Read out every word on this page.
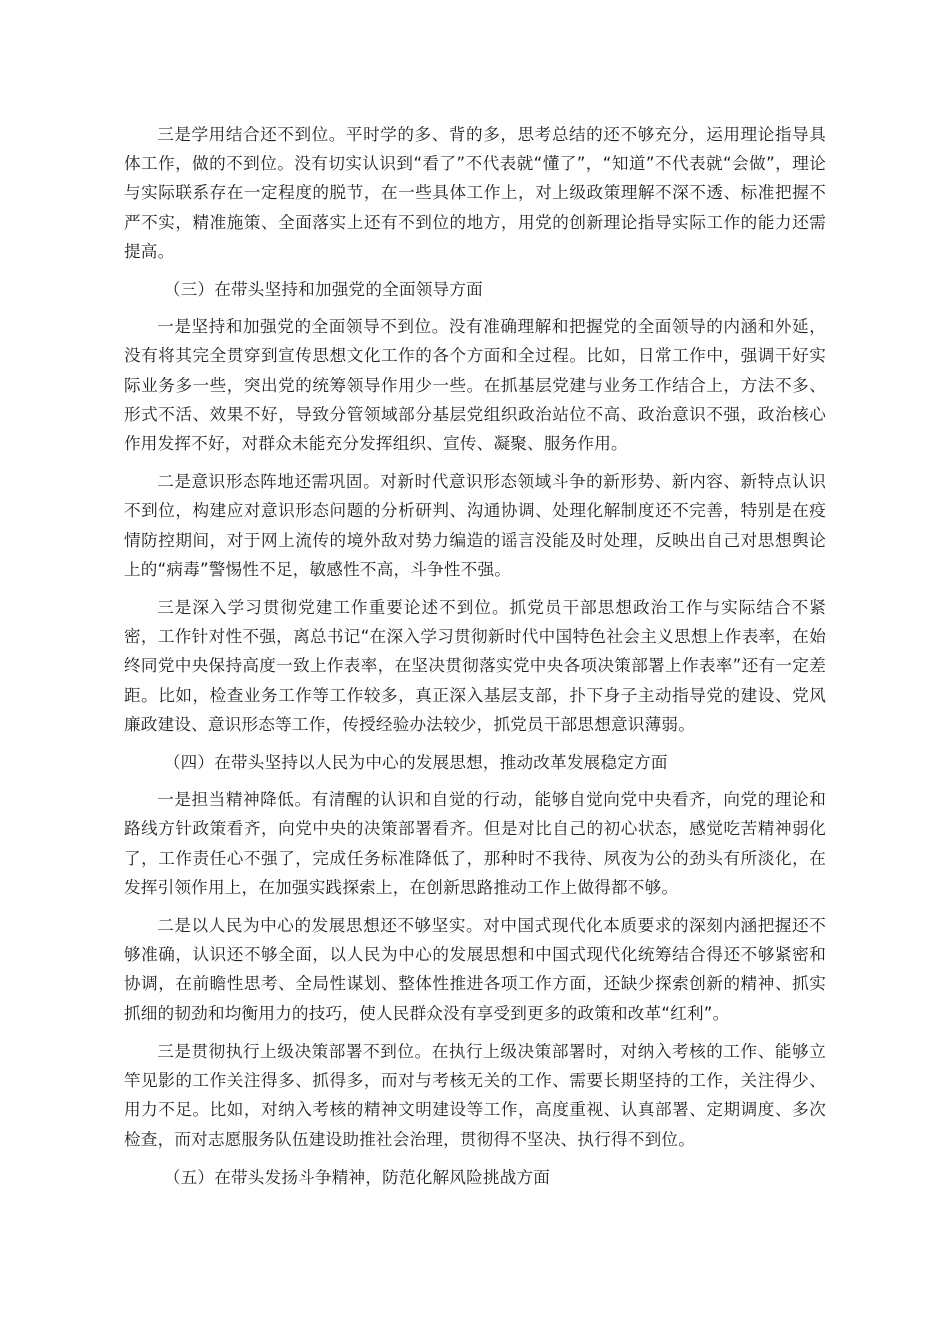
三是学用结合还不到位。平时学的多、背的多，思考总结的还不够充分，运用理论指导具体工作，做的不到位。没有切实认识到“看了”不代表就“懂了”，“知道”不代表就“会做”，理论与实际联系存在一定程度的脱节，在一些具体工作上，对上级政策理解不深不透、标准把握不严不实，精准施策、全面落实上还有不到位的地方，用党的创新理论指导实际工作的能力还需提高。

（三）在带头坚持和加强党的全面领导方面

一是坚持和加强党的全面领导不到位。没有准确理解和把握党的全面领导的内涵和外延，没有将其完全贯穿到宣传思想文化工作的各个方面和全过程。比如，日常工作中，强调干好实际业务多一些，突出党的统筹领导作用少一些。在抓基层党建与业务工作结合上，方法不多、形式不活、效果不好，导致分管领域部分基层党组织政治站位不高、政治意识不强，政治核心作用发挥不好，对群众未能充分发挥组织、宣传、凝聚、服务作用。

二是意识形态阵地还需巩固。对新时代意识形态领域斗争的新形势、新内容、新特点认识不到位，构建应对意识形态问题的分析研判、沟通协调、处理化解制度还不完善，特别是在疫情防控期间，对于网上流传的境外敌对势力编造的谣言没能及时处理，反映出自己对思想舆论上的“病毒”警惕性不足，敏感性不高，斗争性不强。

三是深入学习贯彻党建工作重要论述不到位。抓党员干部思想政治工作与实际结合不紧密，工作针对性不强，离总书记“在深入学习贯彻新时代中国特色社会主义思想上作表率，在始终同党中央保持高度一致上作表率，在坚决贯彻落实党中央各项决策部署上作表率”还有一定差距。比如，检查业务工作等工作较多，真正深入基层支部，扑下身子主动指导党的建设、党风廉政建设、意识形态等工作，传授经验办法较少，抓党员干部思想意识薄弱。

（四）在带头坚持以人民为中心的发展思想，推动改革发展稳定方面

一是担当精神降低。有清醒的认识和自觉的行动，能够自觉向党中央看齐，向党的理论和路线方针政策看齐，向党中央的决策部署看齐。但是对比自己的初心状态，感觉吃苦精神弱化了，工作责任心不强了，完成任务标准降低了，那种时不我待、夙夜为公的劲头有所淡化，在发挥引领作用上，在加强实践探索上，在创新思路推动工作上做得都不够。

二是以人民为中心的发展思想还不够坚实。对中国式现代化本质要求的深刻内涵把握还不够准确，认识还不够全面，以人民为中心的发展思想和中国式现代化统筹结合得还不够紧密和协调，在前瞻性思考、全局性谋划、整体性推进各项工作方面，还缺少探索创新的精神、抓实抓细的韧劲和均衡用力的技巧，使人民群众没有享受到更多的政策和改革“红利”。

三是贯彻执行上级决策部署不到位。在执行上级决策部署时，对纳入考核的工作、能够立竿见影的工作关注得多、抓得多，而对与考核无关的工作、需要长期坚持的工作，关注得少、用力不足。比如，对纳入考核的精神文明建设等工作，高度重视、认真部署、定期调度、多次检查，而对志愿服务队伍建设助推社会治理，贯彻得不坚决、执行得不到位。

（五）在带头发扬斗争精神，防范化解风险挑战方面
